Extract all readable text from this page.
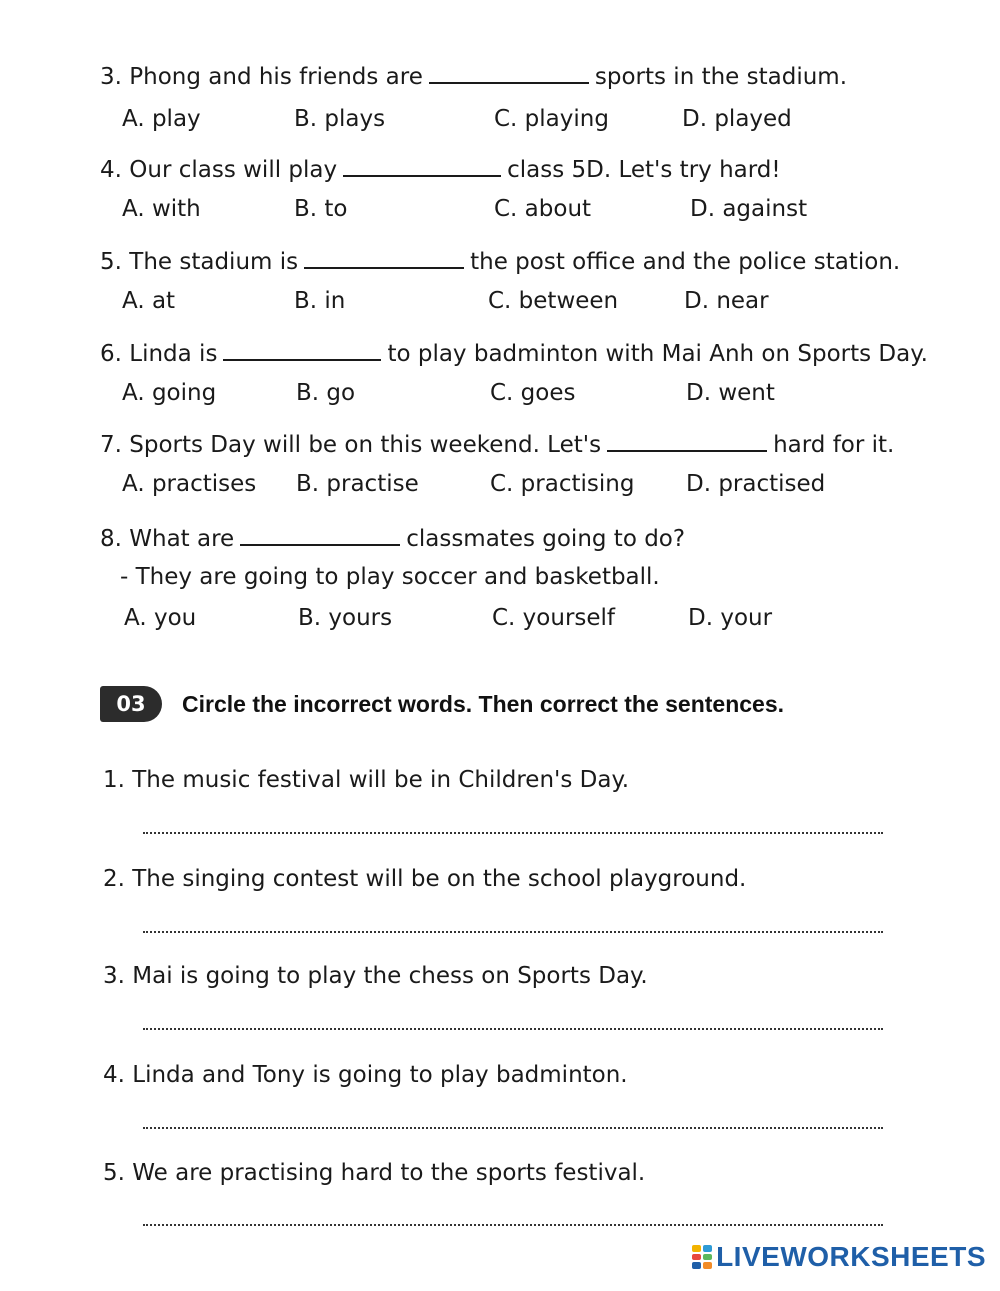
3. Phong and his friends are	sports in the stadium.
A. play	B. plays	C. playing	D. played
4. Our class will play	class 5D. Let's try hard!
A. with	B. to	C. about	D. against
5. The stadium is	the post office and the police station.
A. at	B. in	C. between	D. near
6. Linda is	to play badminton with Mai Anh on Sports Day.
A. going	B. go	C. goes	D. went
7. Sports Day will be on this weekend. Let's	hard for it.
A. practises B. practise	C. practising D. practised
8. What are	classmates going to do?
- They are going to play soccer and basketball.
A. you	B. yours	C. yourself	D. your
03	Circle the incorrect words. Then correct the sentences.
1. The music festival will be in Children's Day.
2. The singing contest will be on the school playground.
3. Mai is going to play the chess on Sports Day.
4. Linda and Tony is going to play badminton.
5. We are practising hard to the sports festival.
LIVEWORKSHEETS
